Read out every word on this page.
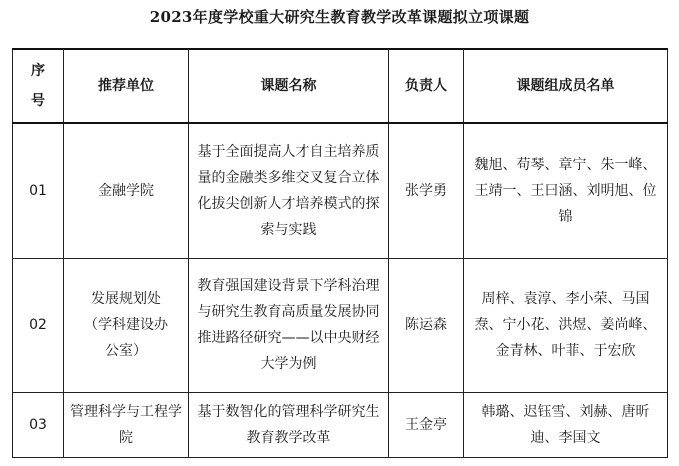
2023年度学校重大研究生教育教学改革课题拟立项课题
序
号	推荐单位	课题名称	负责人	课题组成员名单
01	金融学院	基于全面提高人才自主培养质量的金融类多维交叉复合立体化拔尖创新人才培养模式的探索与实践	张学勇	魏旭、苟琴、章宁、朱一峰、王靖一、王曰涵、刘明旭、位锦
02	发展规划处（学科建设办公室）	教育强国建设背景下学科治理与研究生教育高质量发展协同推进路径研究——以中央财经大学为例	陈运森	周梓、袁淳、李小荣、马国焘、宁小花、洪煜、姜尚峰、金青林、叶菲、于宏欣
03	管理科学与工程学院	基于数智化的管理科学研究生教育教学改革	王金亭	韩璐、迟钰雪、刘赫、唐昕迪、李国文
